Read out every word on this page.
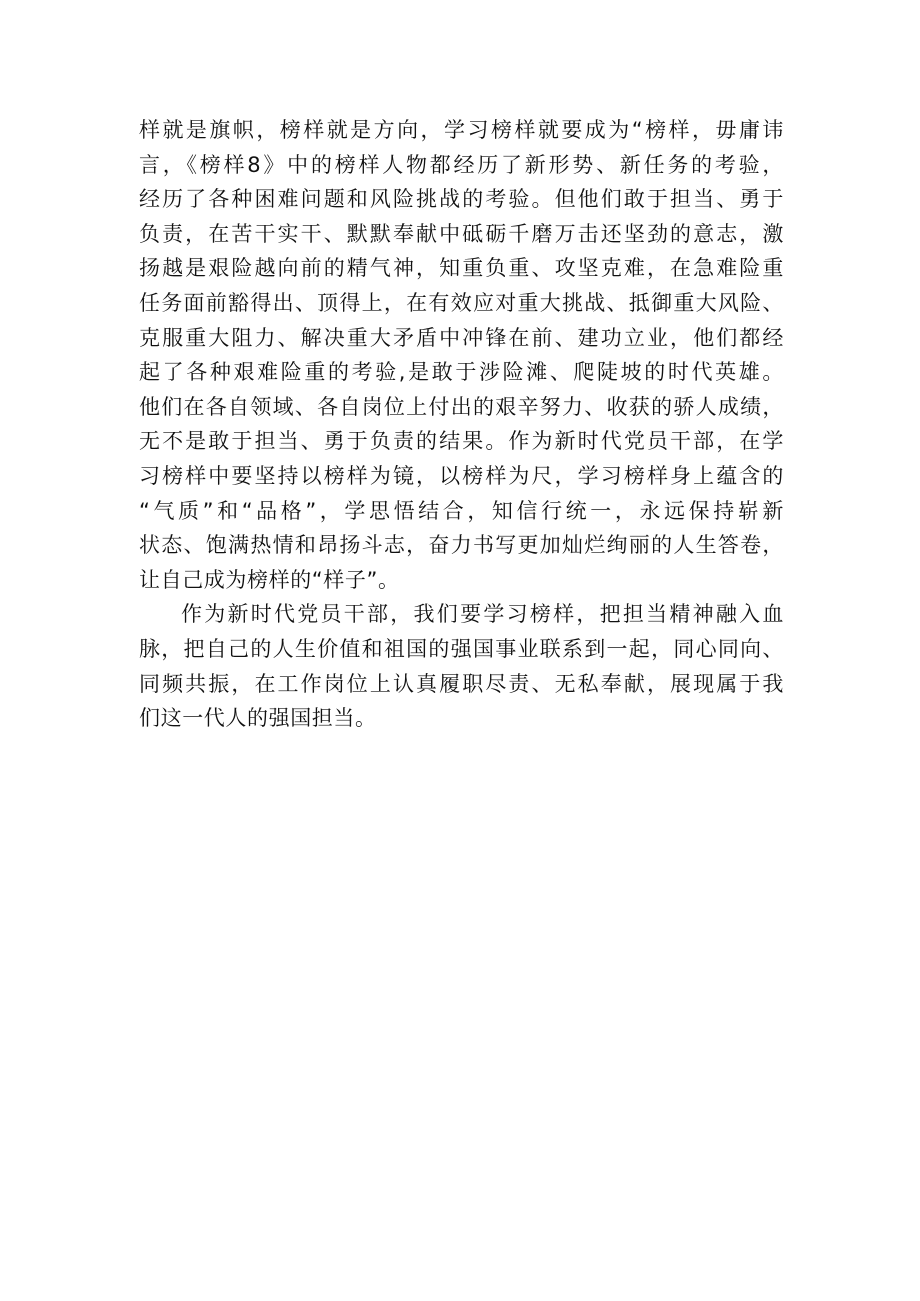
样就是旗帜，榜样就是方向，学习榜样就要成为“榜样，毋庸讳
言，《榜样8》中的榜样人物都经历了新形势、新任务的考验，
经历了各种困难问题和风险挑战的考验。但他们敢于担当、勇于
负责，在苦干实干、默默奉献中砥砺千磨万击还坚劲的意志，激
扬越是艰险越向前的精气神，知重负重、攻坚克难，在急难险重
任务面前豁得出、顶得上，在有效应对重大挑战、抵御重大风险、
克服重大阻力、解决重大矛盾中冲锋在前、建功立业，他们都经
起了各种艰难险重的考验,是敢于涉险滩、爬陡坡的时代英雄。
他们在各自领域、各自岗位上付出的艰辛努力、收获的骄人成绩，
无不是敢于担当、勇于负责的结果。作为新时代党员干部，在学
习榜样中要坚持以榜样为镜，以榜样为尺，学习榜样身上蕴含的
“气质”和“品格”，学思悟结合，知信行统一，永远保持崭新
状态、饱满热情和昂扬斗志，奋力书写更加灿烂绚丽的人生答卷，
让自己成为榜样的“样子”。

作为新时代党员干部，我们要学习榜样，把担当精神融入血
脉，把自己的人生价值和祖国的强国事业联系到一起，同心同向、
同频共振，在工作岗位上认真履职尽责、无私奉献，展现属于我
们这一代人的强国担当。
